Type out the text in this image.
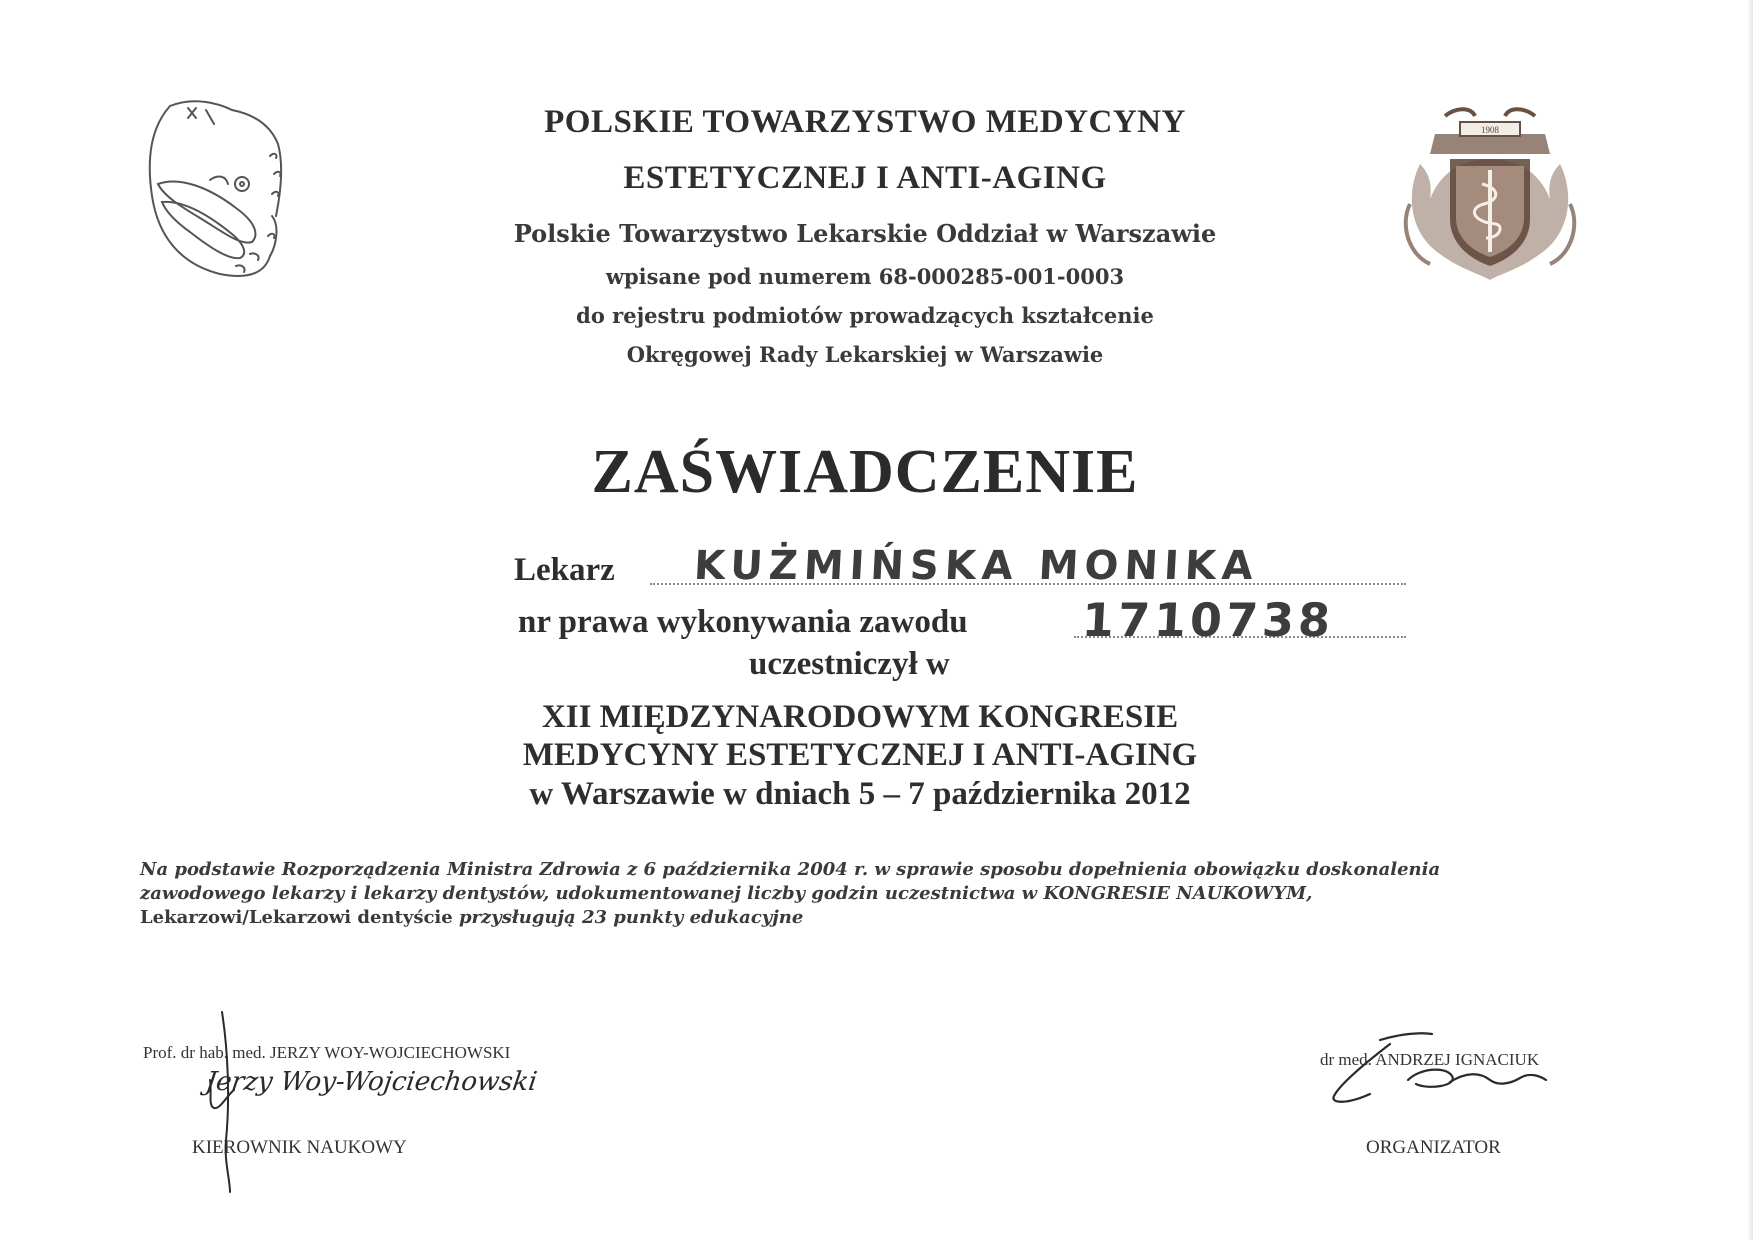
1908
POLSKIE TOWARZYSTWO MEDYCYNY
ESTETYCZNEJ I ANTI-AGING
Polskie Towarzystwo Lekarskie Oddział w Warszawie
wpisane pod numerem 68-000285-001-0003
do rejestru podmiotów prowadzących kształcenie
Okręgowej Rady Lekarskiej w Warszawie
ZAŚWIADCZENIE
Lekarz KUŻMIŃSKA MONIKA
nr prawa wykonywania zawodu 1710738
uczestniczył w
XII MIĘDZYNARODOWYM KONGRESIE
MEDYCYNY ESTETYCZNEJ I ANTI-AGING
w Warszawie w dniach 5 – 7 października 2012
Na podstawie Rozporządzenia Ministra Zdrowia z 6 października 2004 r. w sprawie sposobu dopełnienia obowiązku doskonalenia
zawodowego lekarzy i lekarzy dentystów, udokumentowanej liczby godzin uczestnictwa w KONGRESIE NAUKOWYM,
Lekarzowi/Lekarzowi dentyście przysługują 23 punkty edukacyjne
Prof. dr hab. med. JERZY WOY-WOJCIECHOWSKI
KIEROWNIK NAUKOWY
Jerzy Woy-Wojciechowski
dr med. ANDRZEJ IGNACIUK
ORGANIZATOR
